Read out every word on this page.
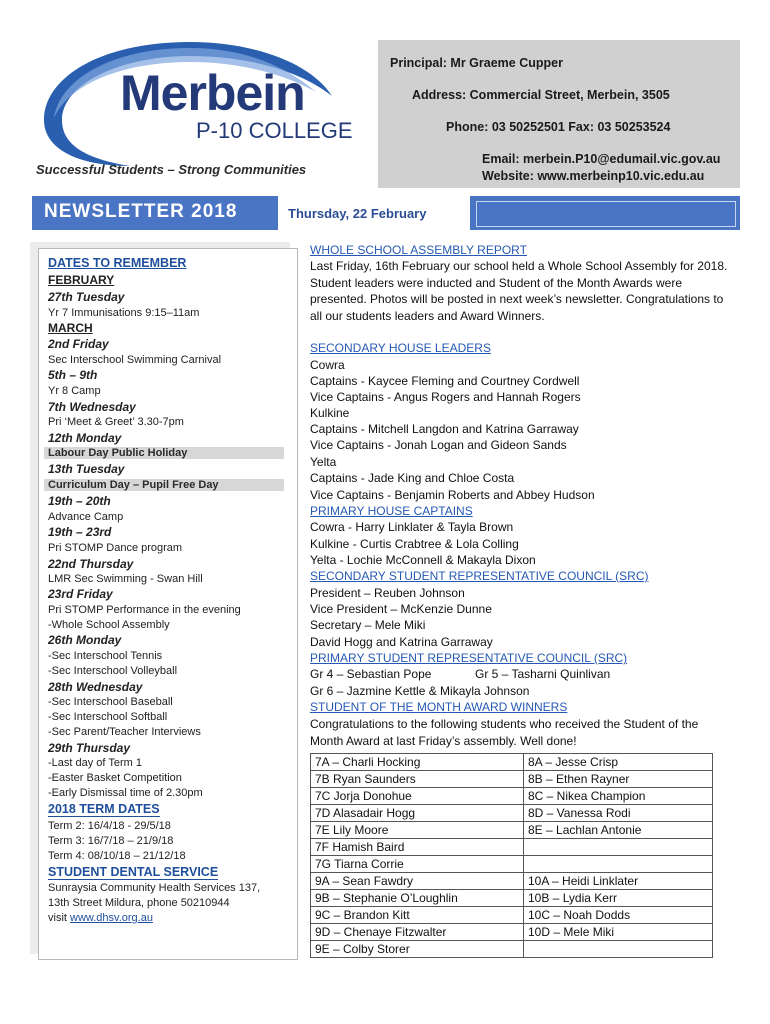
Merbein
P-10 COLLEGE
Successful Students – Strong Communities
Principal: Mr Graeme Cupper
Address: Commercial Street, Merbein, 3505
Phone: 03 50252501 Fax: 03 50253524
Email: merbein.P10@edumail.vic.gov.au
Website: www.merbeinp10.vic.edu.au
NEWSLETTER 2018	Thursday, 22 February
DATES TO REMEMBER
FEBRUARY
27th Tuesday
Yr 7 Immunisations 9:15–11am
MARCH
2nd Friday
Sec Interschool Swimming Carnival
5th – 9th
Yr 8 Camp
7th Wednesday
Pri ‘Meet & Greet’ 3.30-7pm
12th Monday
Labour Day Public Holiday
13th Tuesday
Curriculum Day – Pupil Free Day
19th – 20th
Advance Camp
19th – 23rd
Pri STOMP Dance program
22nd Thursday
LMR Sec Swimming - Swan Hill
23rd Friday
Pri STOMP Performance in the evening
-Whole School Assembly
26th Monday
-Sec Interschool Tennis
-Sec Interschool Volleyball
28th Wednesday
-Sec Interschool Baseball
-Sec Interschool Softball
-Sec Parent/Teacher Interviews
29th Thursday
-Last day of Term 1
-Easter Basket Competition
-Early Dismissal time of 2.30pm
2018 TERM DATES
Term 2: 16/4/18 - 29/5/18
Term 3: 16/7/18 – 21/9/18
Term 4: 08/10/18 – 21/12/18
STUDENT DENTAL SERVICE
Sunraysia Community Health Services 137,
13th Street Mildura, phone 50210944
visit www.dhsv.org.au
WHOLE SCHOOL ASSEMBLY REPORT
Last Friday, 16th February our school held a Whole School Assembly for 2018. Student leaders were inducted and Student of the Month Awards were presented. Photos will be posted in next week’s newsletter. Congratulations to all our students leaders and Award Winners.
SECONDARY HOUSE LEADERS
Cowra
Captains - Kaycee Fleming and Courtney Cordwell
Vice Captains - Angus Rogers and Hannah Rogers
Kulkine
Captains - Mitchell Langdon and Katrina Garraway
Vice Captains - Jonah Logan and Gideon Sands
Yelta
Captains - Jade King and Chloe Costa
Vice Captains - Benjamin Roberts and Abbey Hudson
PRIMARY HOUSE CAPTAINS
Cowra - Harry Linklater & Tayla Brown
Kulkine - Curtis Crabtree & Lola Colling
Yelta - Lochie McConnell & Makayla Dixon
SECONDARY STUDENT REPRESENTATIVE COUNCIL (SRC)
President – Reuben Johnson
Vice President – McKenzie Dunne
Secretary – Mele Miki
David Hogg and Katrina Garraway
PRIMARY STUDENT REPRESENTATIVE COUNCIL (SRC)
Gr 4 – Sebastian Pope	Gr 5 – Tasharni Quinlivan
Gr 6 – Jazmine Kettle & Mikayla Johnson
STUDENT OF THE MONTH AWARD WINNERS
Congratulations to the following students who received the Student of the Month Award at last Friday’s assembly. Well done!
7A – Charli Hocking	8A – Jesse Crisp
7B Ryan Saunders	8B – Ethen Rayner
7C Jorja Donohue	8C – Nikea Champion
7D Alasadair Hogg	8D – Vanessa Rodi
7E Lily Moore	8E – Lachlan Antonie
7F Hamish Baird	
7G Tiarna Corrie	
9A – Sean Fawdry	10A – Heidi Linklater
9B – Stephanie O’Loughlin	10B – Lydia Kerr
9C – Brandon Kitt	10C – Noah Dodds
9D – Chenaye Fitzwalter	10D – Mele Miki
9E – Colby Storer	
